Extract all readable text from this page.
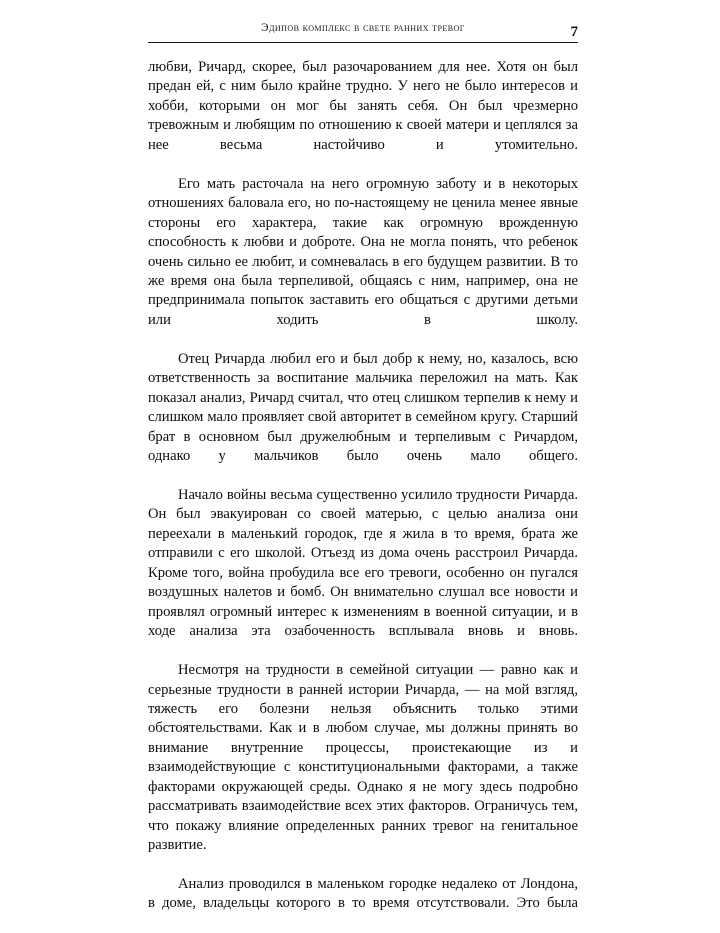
Эдипов комплекс в свете ранних тревог	7

любви, Ричард, скорее, был разочарованием для нее. Хотя он был предан ей, с ним было крайне трудно. У него не было интересов и хобби, которыми он мог бы занять себя. Он был чрезмерно тревожным и любящим по отношению к своей матери и цеплялся за нее весьма настойчиво и утомительно.

Его мать расточала на него огромную заботу и в некоторых отношениях баловала его, но по-настоящему не ценила менее явные стороны его характера, такие как огромную врожденную способность к любви и доброте. Она не могла понять, что ребенок очень сильно ее любит, и сомневалась в его будущем развитии. В то же время она была терпеливой, общаясь с ним, например, она не предпринимала попыток заставить его общаться с другими детьми или ходить в школу.

Отец Ричарда любил его и был добр к нему, но, казалось, всю ответственность за воспитание мальчика переложил на мать. Как показал анализ, Ричард считал, что отец слишком терпелив к нему и слишком мало проявляет свой авторитет в семейном кругу. Старший брат в основном был дружелюбным и терпеливым с Ричардом, однако у мальчиков было очень мало общего.

Начало войны весьма существенно усилило трудности Ричарда. Он был эвакуирован со своей матерью, с целью анализа они переехали в маленький городок, где я жила в то время, брата же отправили с его школой. Отъезд из дома очень расстроил Ричарда. Кроме того, война пробудила все его тревоги, особенно он пугался воздушных налетов и бомб. Он внимательно слушал все новости и проявлял огромный интерес к изменениям в военной ситуации, и в ходе анализа эта озабоченность всплывала вновь и вновь.

Несмотря на трудности в семейной ситуации — равно как и серьезные трудности в ранней истории Ричарда, — на мой взгляд, тяжесть его болезни нельзя объяснить только этими обстоятельствами. Как и в любом случае, мы должны принять во внимание внутренние процессы, проистекающие из и взаимодействующие с конституциональными факторами, а также факторами окружающей среды. Однако я не могу здесь подробно рассматривать взаимодействие всех этих факторов. Ограничусь тем, что покажу влияние определенных ранних тревог на генитальное развитие.

Анализ проводился в маленьком городке недалеко от Лондона, в доме, владельцы которого в то время отсутствовали. Это была
